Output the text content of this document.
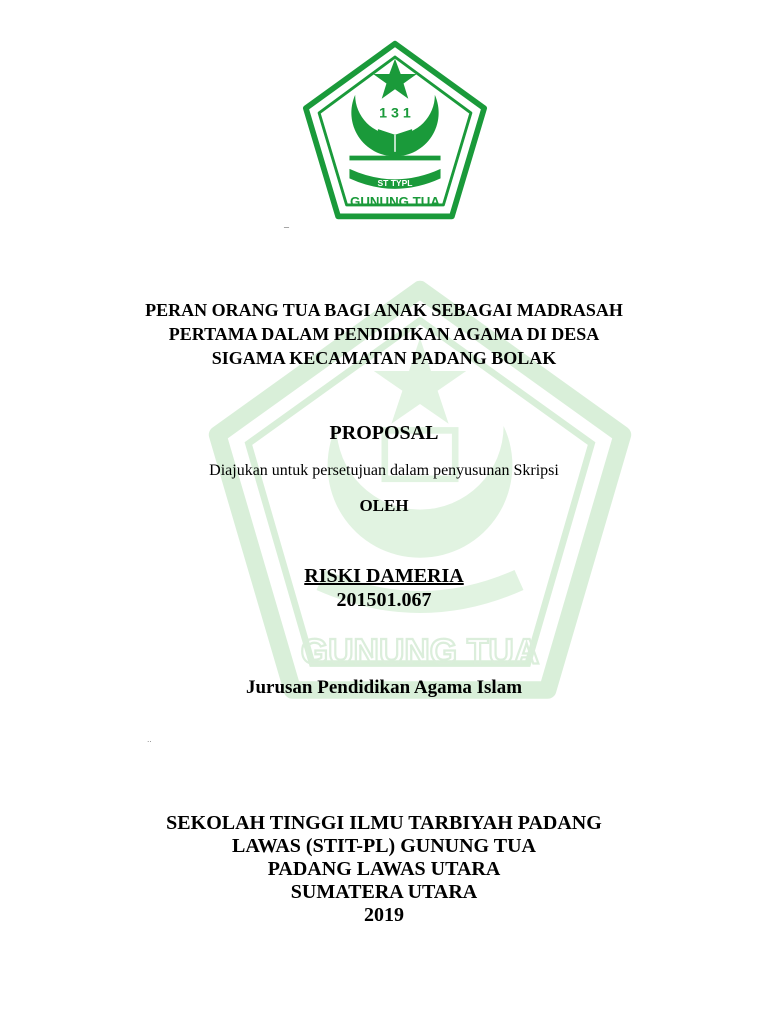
GUNUNG TUA
1 3 1
ST TYPL
GUNUNG TUA
–
··
PERAN ORANG TUA BAGI ANAK SEBAGAI MADRASAH
PERTAMA DALAM PENDIDIKAN AGAMA DI DESA
SIGAMA KECAMATAN PADANG BOLAK
PROPOSAL
Diajukan untuk persetujuan dalam penyusunan Skripsi
OLEH
RISKI DAMERIA
201501.067
Jurusan Pendidikan Agama Islam
SEKOLAH TINGGI ILMU TARBIYAH PADANG
LAWAS (STIT-PL) GUNUNG TUA
PADANG LAWAS UTARA
SUMATERA UTARA
2019
